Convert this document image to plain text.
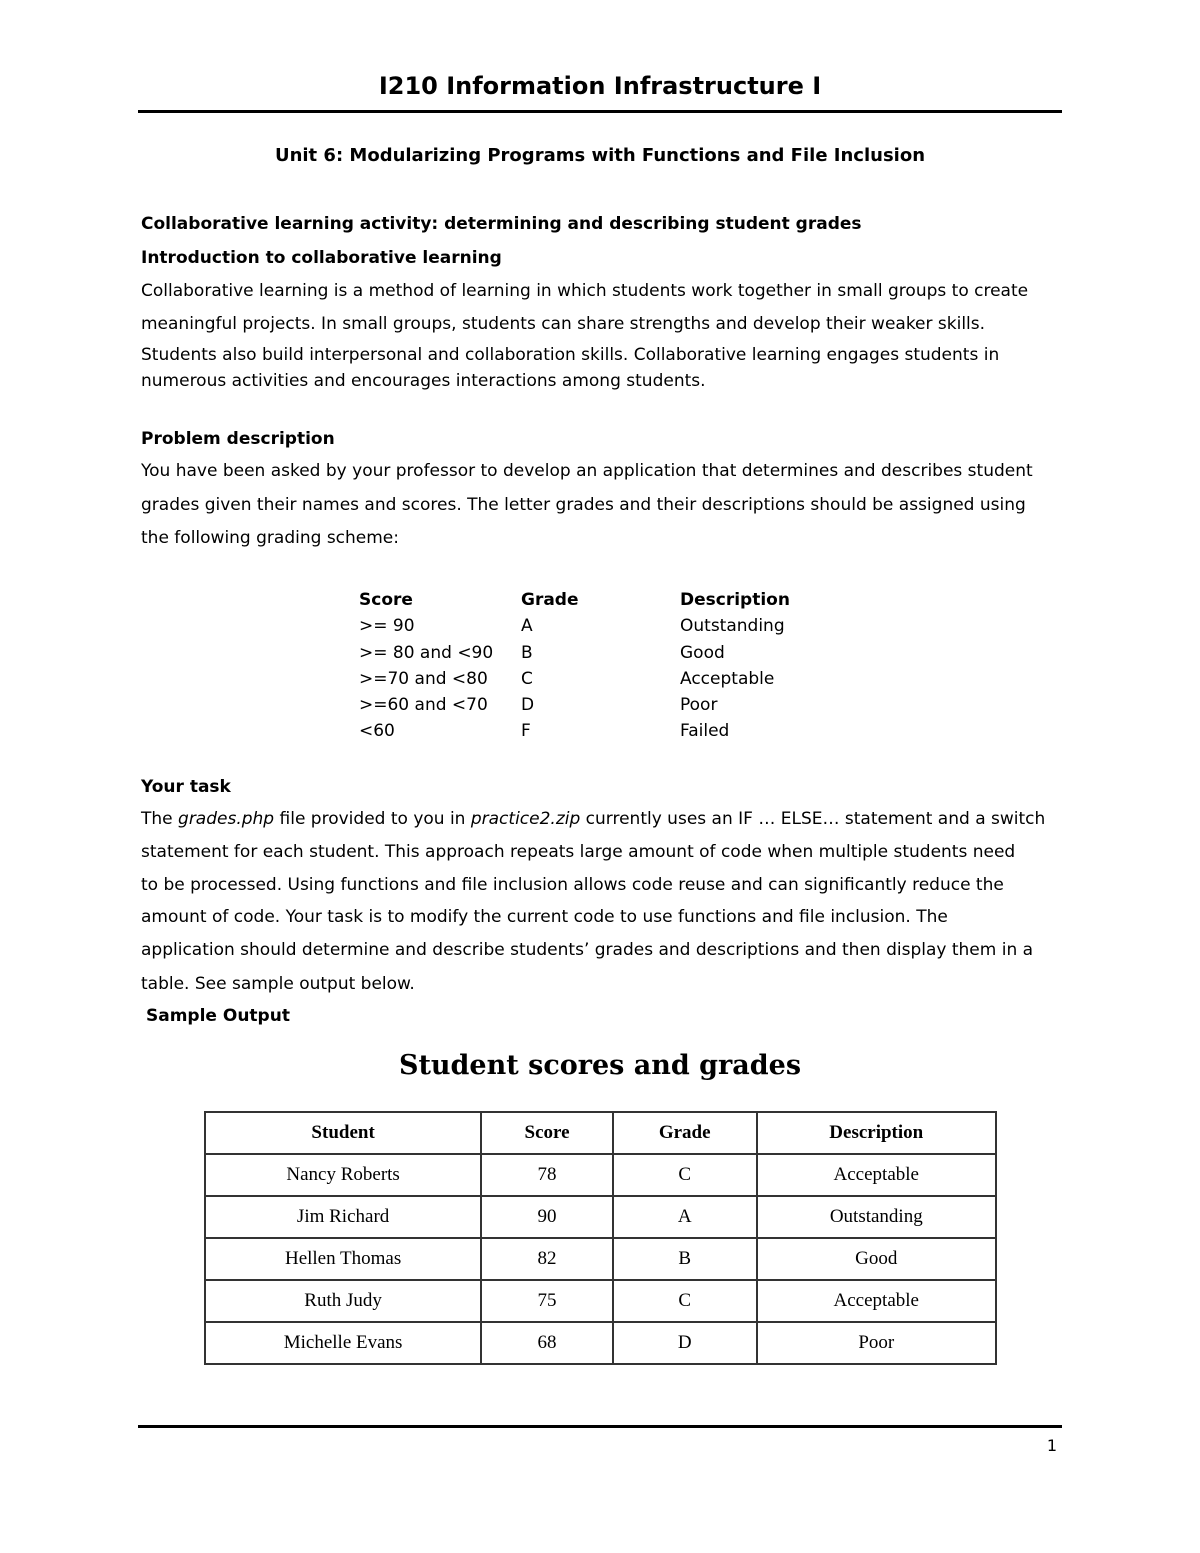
I210 Information Infrastructure I
Unit 6: Modularizing Programs with Functions and File Inclusion
Collaborative learning activity: determining and describing student grades
Introduction to collaborative learning
Collaborative learning is a method of learning in which students work together in small groups to create
meaningful projects. In small groups, students can share strengths and develop their weaker skills.
Students also build interpersonal and collaboration skills. Collaborative learning engages students in
numerous activities and encourages interactions among students.
Problem description
You have been asked by your professor to develop an application that determines and describes student
grades given their names and scores. The letter grades and their descriptions should be assigned using
the following grading scheme:
Score	Grade	Description
>= 90	A	Outstanding
>= 80 and <90 B	Good
>=70 and <80 C	Acceptable
>=60 and <70 D	Poor
<60	F	Failed
Your task
The grades.php file provided to you in practice2.zip currently uses an IF … ELSE… statement and a switch
statement for each student. This approach repeats large amount of code when multiple students need
to be processed. Using functions and file inclusion allows code reuse and can significantly reduce the
amount of code. Your task is to modify the current code to use functions and file inclusion. The
application should determine and describe students’ grades and descriptions and then display them in a
table. See sample output below.
Sample Output
Student scores and grades
Student	Score	Grade	Description
Nancy Roberts	78	C	Acceptable
Jim Richard	90	A	Outstanding
Hellen Thomas	82	B	Good
Ruth Judy	75	C	Acceptable
Michelle Evans	68	D	Poor
1
